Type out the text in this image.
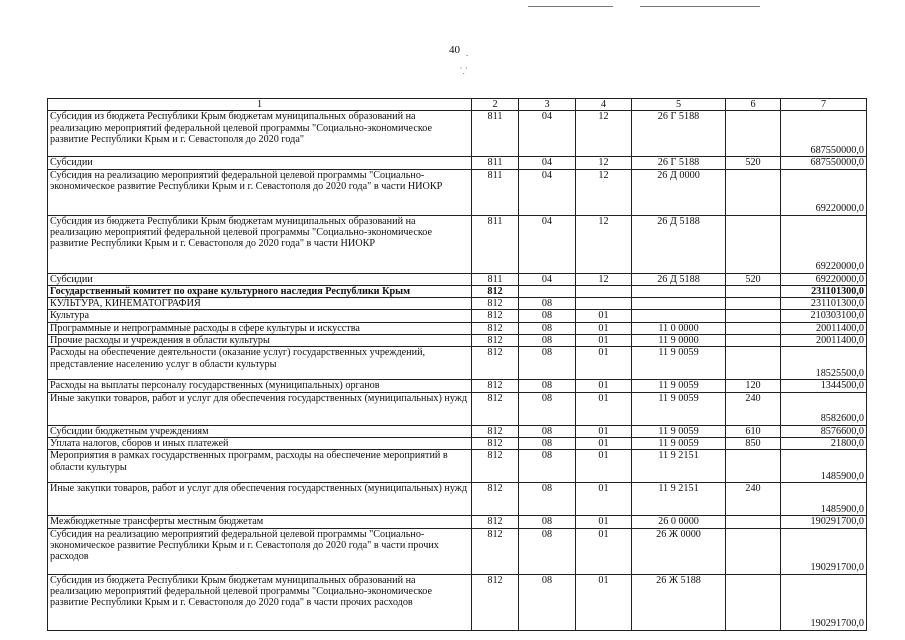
40 .
⸪
1	2	3	4	5	6	7
Субсидия из бюджета Республики Крым бюджетам муниципальных образований на реализацию мероприятий федеральной целевой программы "Социально-экономическое развитие Республики Крым и г. Севастополя до 2020 года"	811	04	12	26 Г 5188		687550000,0
Субсидии	811	04	12	26 Г 5188	520	687550000,0
Субсидия на реализацию мероприятий федеральной целевой программы "Социально-экономическое развитие Республики Крым и г. Севастополя до 2020 года" в части НИОКР	811	04	12	26 Д 0000		69220000,0
Субсидия из бюджета Республики Крым бюджетам муниципальных образований на реализацию мероприятий федеральной целевой программы "Социально-экономическое развитие Республики Крым и г. Севастополя до 2020 года" в части НИОКР	811	04	12	26 Д 5188		69220000,0
Субсидии	811	04	12	26 Д 5188	520	69220000,0
Государственный комитет по охране культурного наследия Республики Крым	812					231101300,0
КУЛЬТУРА, КИНЕМАТОГРАФИЯ	812	08				231101300,0
Культура	812	08	01			210303100,0
Программные и непрограммные расходы в сфере культуры и искусства	812	08	01	11 0 0000		20011400,0
Прочие расходы и учреждения в области культуры	812	08	01	11 9 0000		20011400,0
Расходы на обеспечение деятельности (оказание услуг) государственных учреждений, представление населению услуг в области культуры	812	08	01	11 9 0059		18525500,0
Расходы на выплаты персоналу государственных (муниципальных) органов	812	08	01	11 9 0059	120	1344500,0
Иные закупки товаров, работ и услуг для обеспечения государственных (муниципальных) нужд	812	08	01	11 9 0059	240	8582600,0
Субсидии бюджетным учреждениям	812	08	01	11 9 0059	610	8576600,0
Уплата налогов, сборов и иных платежей	812	08	01	11 9 0059	850	21800,0
Мероприятия в рамках государственных программ, расходы на обеспечение мероприятий в области культуры	812	08	01	11 9 2151		1485900,0
Иные закупки товаров, работ и услуг для обеспечения государственных (муниципальных) нужд	812	08	01	11 9 2151	240	1485900,0
Межбюджетные трансферты местным бюджетам	812	08	01	26 0 0000		190291700,0
Субсидия на реализацию мероприятий федеральной целевой программы "Социально-экономическое развитие Республики Крым и г. Севастополя до 2020 года" в части прочих расходов	812	08	01	26 Ж 0000		190291700,0
Субсидия из бюджета Республики Крым бюджетам муниципальных образований на реализацию мероприятий федеральной целевой программы "Социально-экономическое развитие Республики Крым и г. Севастополя до 2020 года" в части прочих расходов	812	08	01	26 Ж 5188		190291700,0
